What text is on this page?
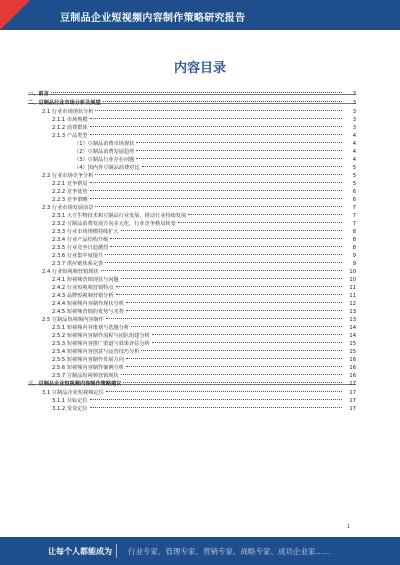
豆制品企业短视频内容制作策略研究报告
内容目录
一、前言	3
二、豆制品行业市场分析及展望	3
2.1 行业市场现状分析	3
2.1.1 市场规模	3
2.1.2 消费群体	3
2.1.3 产品类型	4
（1）豆制品消费市场现状	4
（2）豆制品消费发展趋势	4
（3）豆制品行业存在问题	4
（4）国内外豆制品消费对比	5
2.2 行业市场竞争分析	5
2.2.1 竞争格局	5
2.2.2 竞争优势	6
2.2.3 竞争策略	6
2.3 行业市场发展前景	7
2.3.1 大豆生物技术和豆制品行业发展，推动行业持续发展	7
2.3.2 豆制品消费发展方向多元化，行业竞争格局转变	7
2.3.3 行业市场规模持续扩大	8
2.3.4 行业产品结构升级	8
2.3.5 行业竞争日趋激烈	8
2.3.6 行业集中度提升	9
2.3.7 供应链体系完善	9
2.4 行业短视频营销现状	10
2.4.1 短视频营销现状与问题	10
2.4.2 行业短视频营销特点	11
2.4.3 品牌短视频营销分析	11
2.4.4 短视频内容制作现状分析	12
2.4.5 短视频营销的优势与劣势	13
2.5 豆制品短视频内容制作	13
2.5.1 短视频内容策划与选题分析	14
2.5.2 短视频内容制作流程与团队组建分析	14
2.5.3 短视频内容推广渠道与效果评估分析	15
2.5.4 短视频内容创意与运营技巧分析	15
2.5.5 短视频内容制作发展方向	16
2.5.6 短视频内容制作案例分析	16
2.5.7 豆制品短视频营销现状	16
三、豆制品企业短视频内容制作策略建议	17
3.1 豆制品企业短视频定位	17
3.1.1 目标定位	17
3.1.2 受众定位	17
1
让每个人都能成为 行业专家、管理专家、营销专家、战略专家、成功企业家……
